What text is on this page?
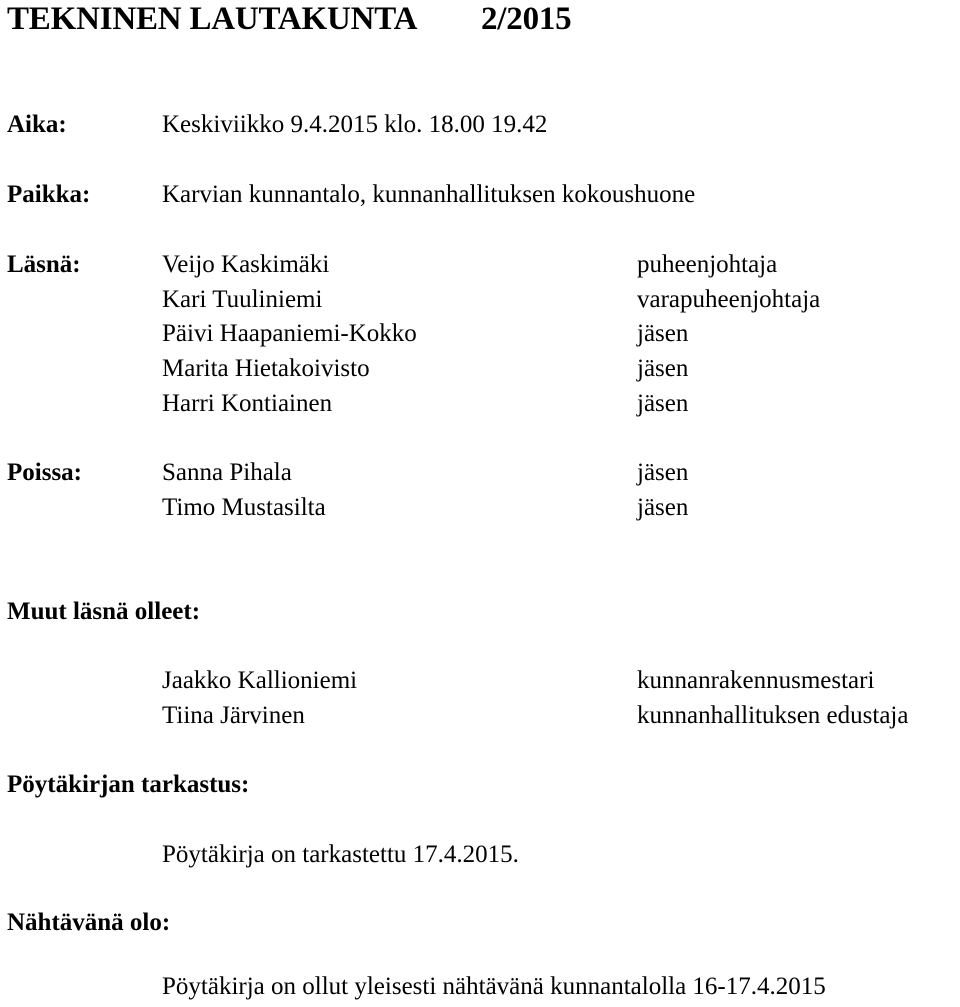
TEKNINEN LAUTAKUNTA 2/2015
Aika:	Keskiviikko 9.4.2015 klo. 18.00 19.42
Paikka:	Karvian kunnantalo, kunnanhallituksen kokoushuone
Läsnä:	Veijo Kaskimäki	puheenjohtaja
Kari Tuuliniemi	varapuheenjohtaja
Päivi Haapaniemi-Kokko	jäsen
Marita Hietakoivisto	jäsen
Harri Kontiainen	jäsen
Poissa:	Sanna Pihala	jäsen
Timo Mustasilta	jäsen
Muut läsnä olleet:
Jaakko Kallioniemi	kunnanrakennusmestari
Tiina Järvinen	kunnanhallituksen edustaja
Pöytäkirjan tarkastus:
Pöytäkirja on tarkastettu 17.4.2015.
Nähtävänä olo:
Pöytäkirja on ollut yleisesti nähtävänä kunnantalolla 16-17.4.2015
